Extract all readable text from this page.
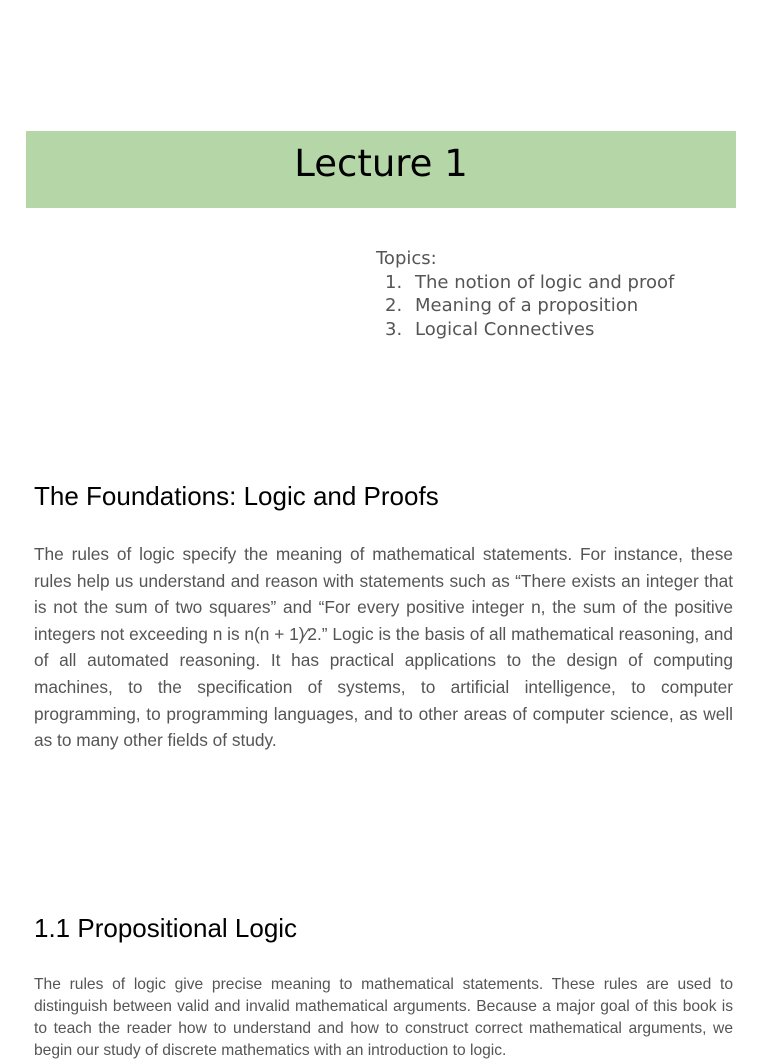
Lecture 1

Topics:

1. The notion of logic and proof
2. Meaning of a proposition
3. Logical Connectives
The Foundations: Logic and Proofs

The rules of logic specify the meaning of mathematical statements. For instance, these rules help us understand and reason with statements such as “There exists an integer that is not the sum of two squares” and “For every positive integer n, the sum of the positive integers not exceeding n is n(n + 1)∕2.” Logic is the basis of all mathematical reasoning, and of all automated reasoning. It has practical applications to the design of computing machines, to the specification of systems, to artificial intelligence, to computer programming, to programming languages, and to other areas of computer science, as well as to many other fields of study.

1.1 Propositional Logic

The rules of logic give precise meaning to mathematical statements. These rules are used to distinguish between valid and invalid mathematical arguments. Because a major goal of this book is to teach the reader how to understand and how to construct correct mathematical arguments, we begin our study of discrete mathematics with an introduction to logic.
